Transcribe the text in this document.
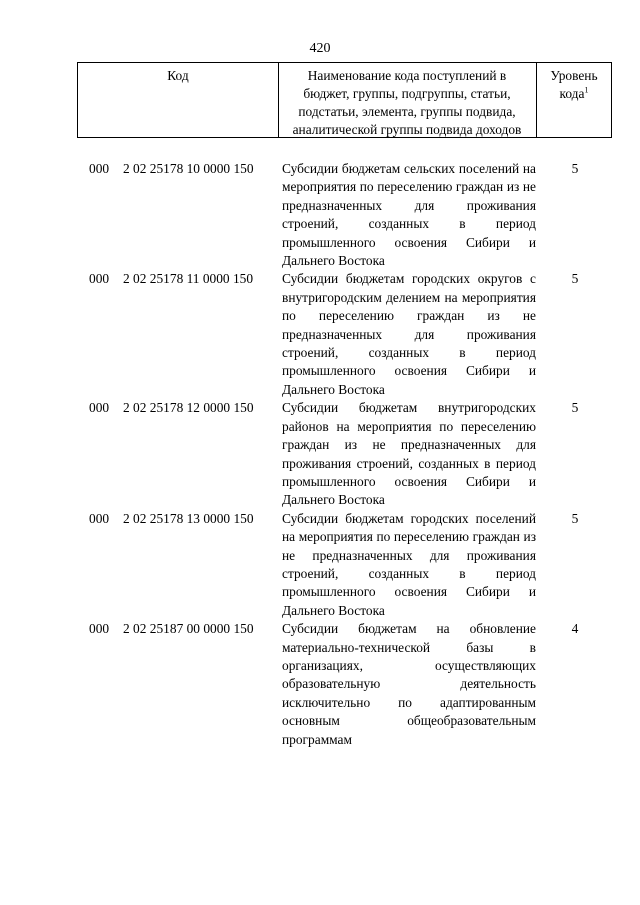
420
Код	Наименование кода поступлений в
бюджет, группы, подгруппы, статьи,
подстатьи, элемента, группы подвида,
аналитической группы подвида доходов
Уровень
кода$^1$
000 2 02 25178 10 0000 150 Субсидии бюджетам сельских поселений на мероприятия по переселению граждан из не предназначенных для проживания строений, созданных в период промышленного освоения Сибири и Дальнего Востока
5
000 2 02 25178 11 0000 150 Субсидии бюджетам городских округов с внутригородским делением на мероприятия по переселению граждан из не предназначенных для проживания строений, созданных в период промышленного освоения Сибири и Дальнего Востока
5
000 2 02 25178 12 0000 150 Субсидии бюджетам внутригородских районов на мероприятия по переселению граждан из не предназначенных для проживания строений, созданных в период промышленного освоения Сибири и Дальнего Востока
5
000 2 02 25178 13 0000 150 Субсидии бюджетам городских поселений на мероприятия по переселению граждан из не предназначенных для проживания строений, созданных в период промышленного освоения Сибири и Дальнего Востока
5
000 2 02 25187 00 0000 150 Субсидии бюджетам на обновление материально-технической базы в организациях, осуществляющих образовательную деятельность исключительно по адаптированным основным общеобразовательным программам
4
